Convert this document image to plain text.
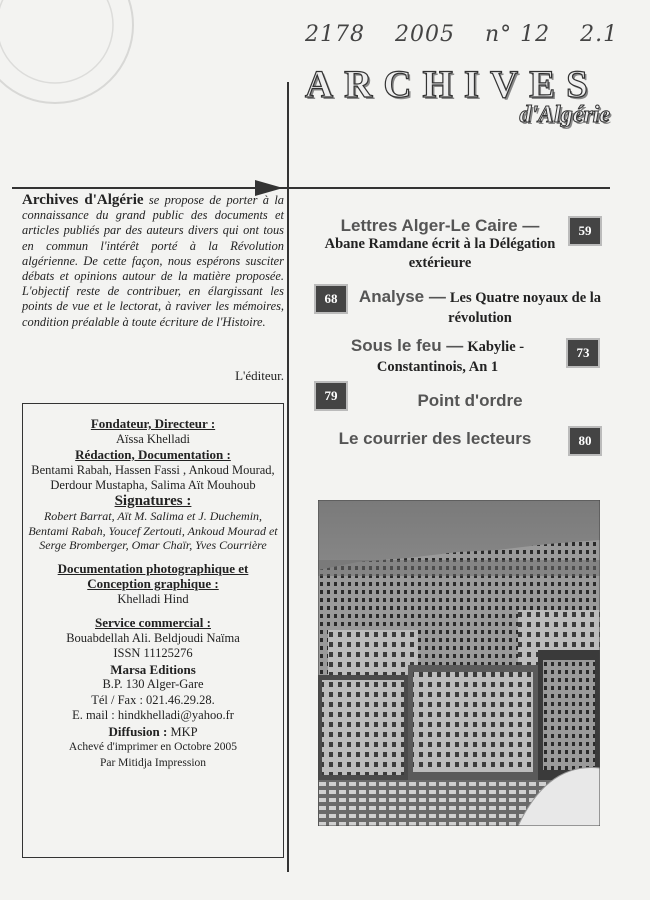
2178 2005 n° 12 2.1
ARCHIVES
d'Algérie
Archives d'Algérie se propose de porter à la connaissance du grand public des documents et articles publiés par des auteurs divers qui ont tous en commun l'intérêt porté à la Révolution algérienne. De cette façon, nous espérons susciter débats et opinions autour de la matière proposée. L'objectif reste de contribuer, en élargissant les points de vue et le lectorat, à raviver les mémoires, condition préalable à toute écriture de l'Histoire.
L'éditeur.
Fondateur, Directeur :
Aïssa Khelladi
Rédaction, Documentation :
Bentami Rabah, Hassen Fassi , Ankoud Mourad, Derdour Mustapha, Salima Aït Mouhoub
Signatures :
Robert Barrat, Aït M. Salima et J. Duchemin, Bentami Rabah, Youcef Zertouti, Ankoud Mourad et Serge Bromberger, Omar Chaïr, Yves Courrière
Documentation photographique et
Conception graphique :
Khelladi Hind
Service commercial :
Bouabdellah Ali. Beldjoudi Naïma
ISSN 11125276
Marsa Editions
B.P. 130 Alger-Gare
Tél / Fax : 021.46.29.28.
E. mail : hindkhelladi@yahoo.fr
Diffusion : MKP
Achevé d'imprimer en Octobre 2005
Par Mitidja Impression
Lettres Alger-Le Caire —
Abane Ramdane écrit à la Délégation extérieure
59
68	Analyse — Les Quatre noyaux de la révolution
Sous le feu — Kabylie - Constantinois, An 1
73
79	Point d'ordre
Le courrier des lecteurs	80
